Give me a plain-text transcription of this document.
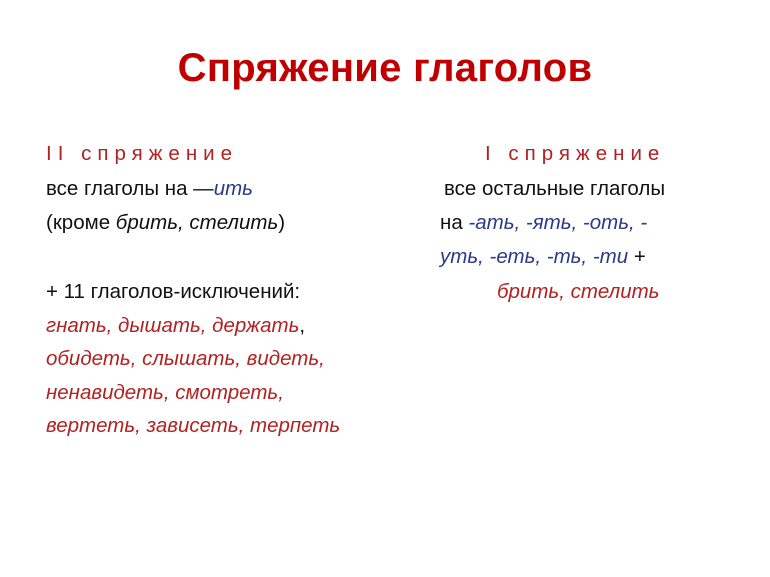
Спряжение глаголов
II спряжение
все глаголы на —ить
(кроме брить, стелить)
+ 11 глаголов-исключений:
гнать, дышать, держать,
обидеть, слышать, видеть,
ненавидеть, смотреть,
вертеть, зависеть, терпеть
I спряжение
все остальные глаголы
на -ать, -ять, -оть, -
уть, -еть, -ть, -ти +
брить, стелить
